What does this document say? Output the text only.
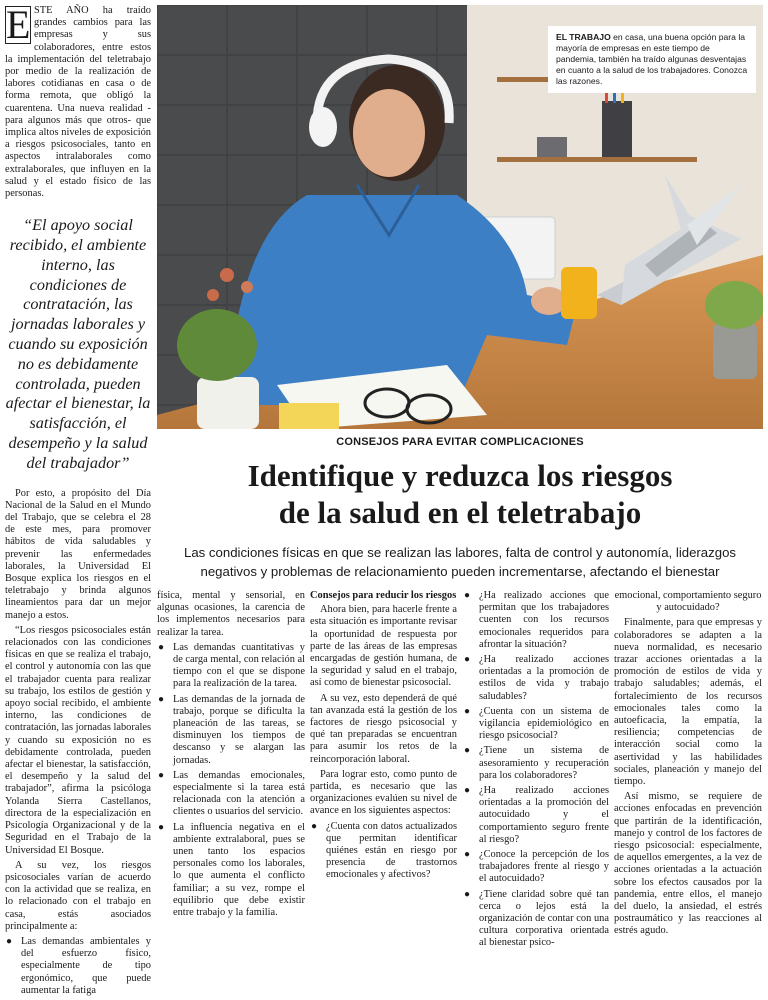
E STE AÑO ha traído grandes cambios para las empresas y sus colaboradores, entre estos la implementación del teletrabajo por medio de la realización de labores cotidianas en casa o de forma remota, que obligó la cuarentena. Una nueva realidad -para algunos más que otros- que implica altos niveles de exposición a riesgos psicosociales, tanto en aspectos intralaborales como extralaborales, que influyen en la salud y el estado físico de las personas.
“El apoyo social recibido, el ambiente interno, las condiciones de contratación, las jornadas laborales y cuando su exposición no es debidamente controlada, pueden afectar el bienestar, la satisfacción, el desempeño y la salud del trabajador”

Por esto, a propósito del Día Nacional de la Salud en el Mundo del Trabajo, que se celebra el 28 de este mes, para promover hábitos de vida saludables y prevenir las enfermedades laborales, la Universidad El Bosque explica los riesgos en el teletrabajo y brinda algunos lineamientos para dar un mejor manejo a estos.

“Los riesgos psicosociales están relacionados con las condiciones físicas en que se realiza el trabajo, el control y autonomía con las que el trabajador cuenta para realizar su trabajo, los estilos de gestión y apoyo social recibido, el ambiente interno, las condiciones de contratación, las jornadas laborales y cuando su exposición no es debidamente controlada, pueden afectar el bienestar, la satisfacción, el desempeño y la salud del trabajador”, afirma la psicóloga Yolanda Sierra Castellanos, directora de la especialización en Psicología Organizacional y de la Seguridad en el Trabajo de la Universidad El Bosque.

A su vez, los riesgos psicosociales varían de acuerdo con la actividad que se realiza, en lo relacionado con el trabajo en casa, estás asociados principalmente a:

● Las demandas ambientales y del esfuerzo físico, especialmente de tipo ergonómico, que puede aumentar la fatiga
EL TRABAJO en casa, una buena opción para la mayoría de empresas en este tiempo de pandemia, también ha traído algunas desventajas en cuanto a la salud de los trabajadores. Conozca las razones.
CONSEJOS PARA EVITAR COMPLICACIONES
Identifique y reduzca los riesgos
de la salud en el teletrabajo
Las condiciones físicas en que se realizan las labores, falta de control y autonomía, liderazgos negativos y problemas de relacionamiento pueden incrementarse, afectando el bienestar

física, mental y sensorial, en algunas ocasiones, la carencia de los implementos necesarios para realizar la tarea.

● Las demandas cuantitativas y de carga mental, con relación al tiempo con el que se dispone para la realización de la tarea.
● Las demandas de la jornada de trabajo, porque se dificulta la planeación de las tareas, se disminuyen los tiempos de descanso y se alargan las jornadas.
● Las demandas emocionales, especialmente si la tarea está relacionada con la atención a clientes o usuarios del servicio.
● La influencia negativa en el ambiente extralaboral, pues se unen tanto los espacios personales como los laborales, lo que aumenta el conflicto familiar; a su vez, rompe el equilibrio que debe existir entre trabajo y la familia.
Consejos para reducir los riesgos

Ahora bien, para hacerle frente a esta situación es importante revisar la oportunidad de respuesta por parte de las áreas de las empresas encargadas de gestión humana, de la seguridad y salud en el trabajo, así como de bienestar psicosocial.

A su vez, esto dependerá de qué tan avanzada está la gestión de los factores de riesgo psicosocial y qué tan preparadas se encuentran para asumir los retos de la reincorporación laboral.

Para lograr esto, como punto de partida, es necesario que las organizaciones evalúen su nivel de avance en los siguientes aspectos:

● ¿Cuenta con datos actualizados que permitan identificar quiénes están en riesgo por presencia de trastornos emocionales y afectivos?
● ¿Ha realizado acciones que permitan que los trabajadores cuenten con los recursos emocionales requeridos para afrontar la situación?
● ¿Ha realizado acciones orientadas a la promoción de estilos de vida y trabajo saludables?
● ¿Cuenta con un sistema de vigilancia epidemiológico en riesgo psicosocial?
● ¿Tiene un sistema de asesoramiento y recuperación para los colaboradores?
● ¿Ha realizado acciones orientadas a la promoción del autocuidado y el comportamiento seguro frente al riesgo?
● ¿Conoce la percepción de los trabajadores frente al riesgo y el autocuidado?
● ¿Tiene claridad sobre qué tan cerca o lejos está la organización de contar con una cultura corporativa orientada al bienestar psico-

emocional, comportamiento seguro y autocuidado?

Finalmente, para que empresas y colaboradores se adapten a la nueva normalidad, es necesario trazar acciones orientadas a la promoción de estilos de vida y trabajo saludables; además, el fortalecimiento de los recursos emocionales tales como la autoeficacia, la empatía, la resiliencia; competencias de interacción social como la asertividad y las habilidades sociales, planeación y manejo del tiempo.

Así mismo, se requiere de acciones enfocadas en prevención que partirán de la identificación, manejo y control de los factores de riesgo psicosocial: especialmente, de aquellos emergentes, a la vez de acciones orientadas a la actuación sobre los efectos causados por la pandemia, entre ellos, el manejo del duelo, la ansiedad, el estrés postraumático y las reacciones al estrés agudo.
